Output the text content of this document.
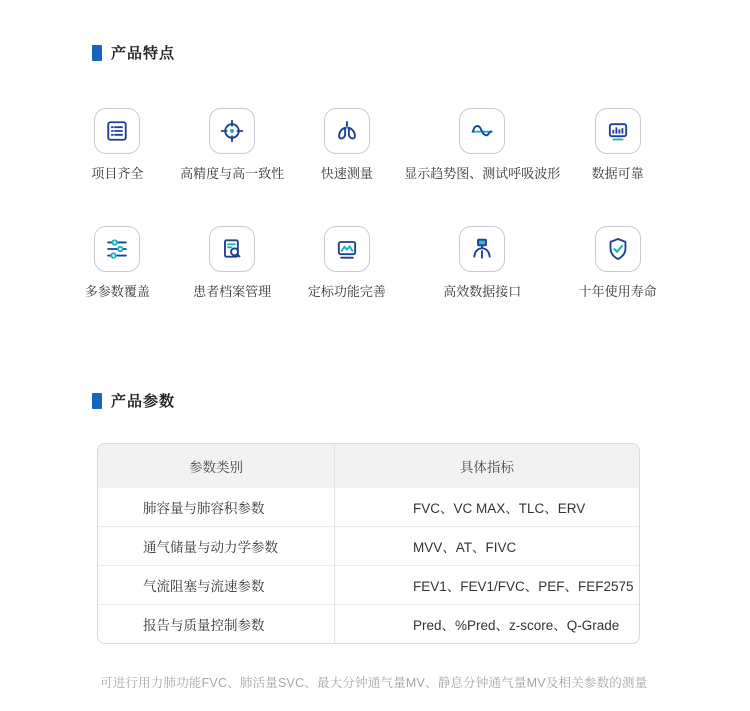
产品特点
项目齐全	高精度与高一致性	快速测量 显示趋势图、测试呼吸波形 数据可靠
多参数覆盖	患者档案管理	定标功能完善	高效数据接口	十年使用寿命
产品参数
参数类别	具体指标
肺容量与肺容积参数	FVC、VC MAX、TLC、ERV
通气储量与动力学参数	MVV、AT、FIVC
气流阻塞与流速参数	FEV1、FEV1/FVC、PEF、FEF2575
报告与质量控制参数	Pred、%Pred、z-score、Q-Grade
可进行用力肺功能FVC、肺活量SVC、最大分钟通气量MV、静息分钟通气量MV及相关参数的测量
